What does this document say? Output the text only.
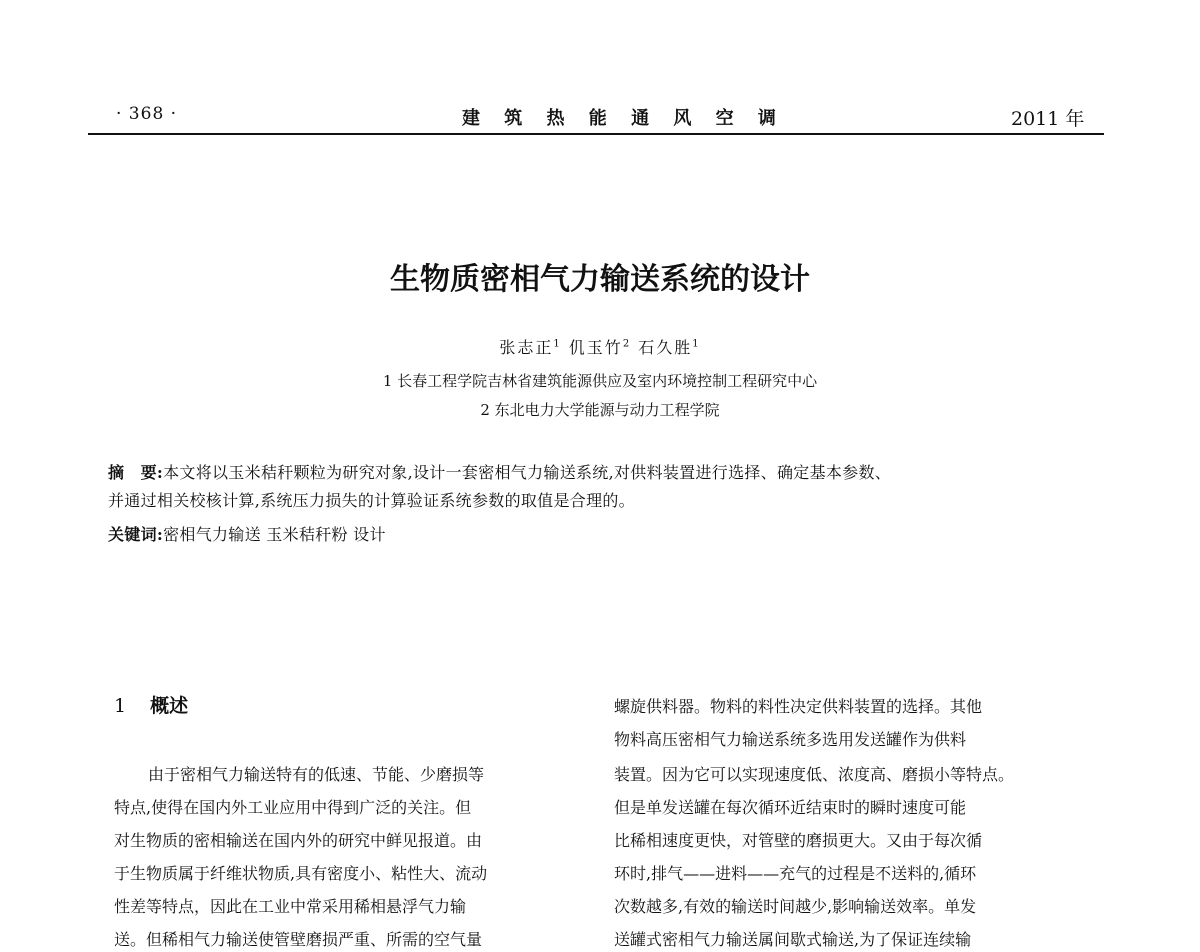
· 368 ·	建 筑 热 能 通 风 空 调	2011 年
生物质密相气力输送系统的设计
张志正$^1$ 仉玉竹$^2$ 石久胜$^1$
1 长春工程学院吉林省建筑能源供应及室内环境控制工程研究中心
2 东北电力大学能源与动力工程学院
摘　要:本文将以玉米秸秆颗粒为研究对象,设计一套密相气力输送系统,对供料装置进行选择、确定基本参数、
并通过相关校核计算,系统压力损失的计算验证系统参数的取值是合理的。
关键词:密相气力输送 玉米秸秆粉 设计
1 概述
由于密相气力输送特有的低速、节能、少磨损等
特点,使得在国内外工业应用中得到广泛的关注。但
对生物质的密相输送在国内外的研究中鲜见报道。由
于生物质属于纤维状物质,具有密度小、粘性大、流动
性差等特点，因此在工业中常采用稀相悬浮气力输
送。但稀相气力输送使管壁磨损严重、所需的空气量
螺旋供料器。物料的料性决定供料装置的选择。其他
物料高压密相气力输送系统多选用发送罐作为供料
装置。因为它可以实现速度低、浓度高、磨损小等特点。
但是单发送罐在每次循环近结束时的瞬时速度可能
比稀相速度更快，对管壁的磨损更大。又由于每次循
环时,排气——进料——充气的过程是不送料的,循环
次数越多,有效的输送时间越少,影响输送效率。单发
送罐式密相气力输送属间歇式输送,为了保证连续输
